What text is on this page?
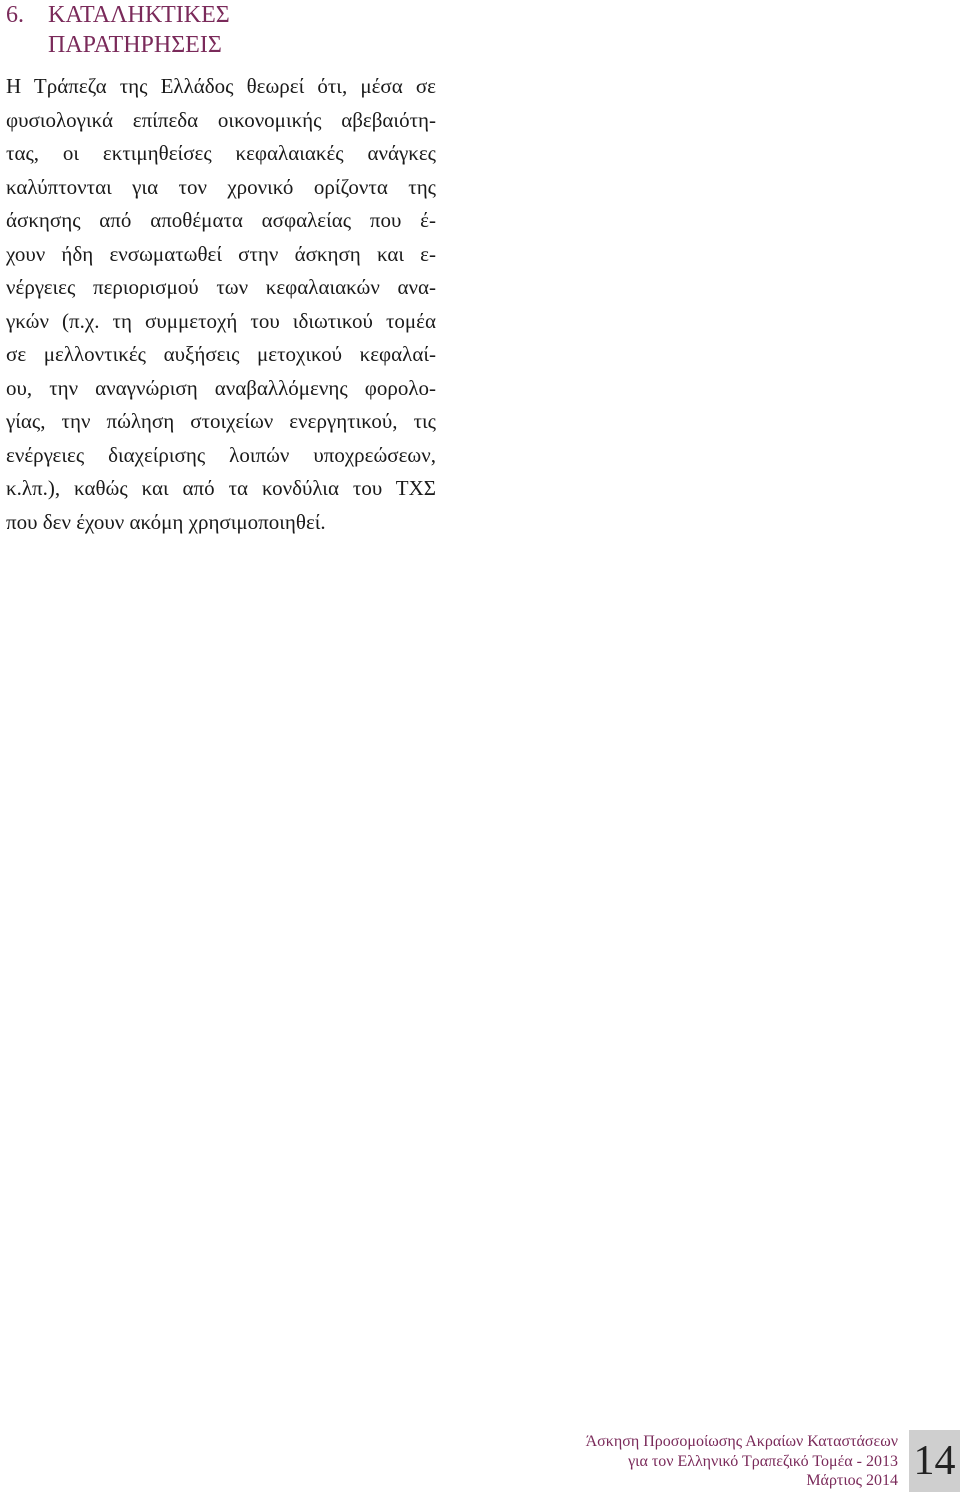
6.	ΚΑΤΑΛΗΚΤΙΚΕΣ
ΠΑΡΑΤΗΡΗΣΕΙΣ
Η Τράπεζα της Ελλάδος θεωρεί ότι, μέσα σε
φυσιολογικά επίπεδα οικονομικής αβεβαιότη-
τας, οι εκτιμηθείσες κεφαλαιακές ανάγκες
καλύπτονται για τον χρονικό ορίζοντα της
άσκησης από αποθέματα ασφαλείας που έ-
χουν ήδη ενσωματωθεί στην άσκηση και ε-
νέργειες περιορισμού των κεφαλαιακών ανα-
γκών (π.χ. τη συμμετοχή του ιδιωτικού τομέα
σε μελλοντικές αυξήσεις μετοχικού κεφαλαί-
ου, την αναγνώριση αναβαλλόμενης φορολο-
γίας, την πώληση στοιχείων ενεργητικού, τις
ενέργειες διαχείρισης λοιπών υποχρεώσεων,
κ.λπ.), καθώς και από τα κονδύλια του ΤΧΣ
που δεν έχουν ακόμη χρησιμοποιηθεί.
Άσκηση Προσομοίωσης Ακραίων Καταστάσεων
για τον Ελληνικό Τραπεζικό Τομέα - 2013
Μάρτιος 2014 14
